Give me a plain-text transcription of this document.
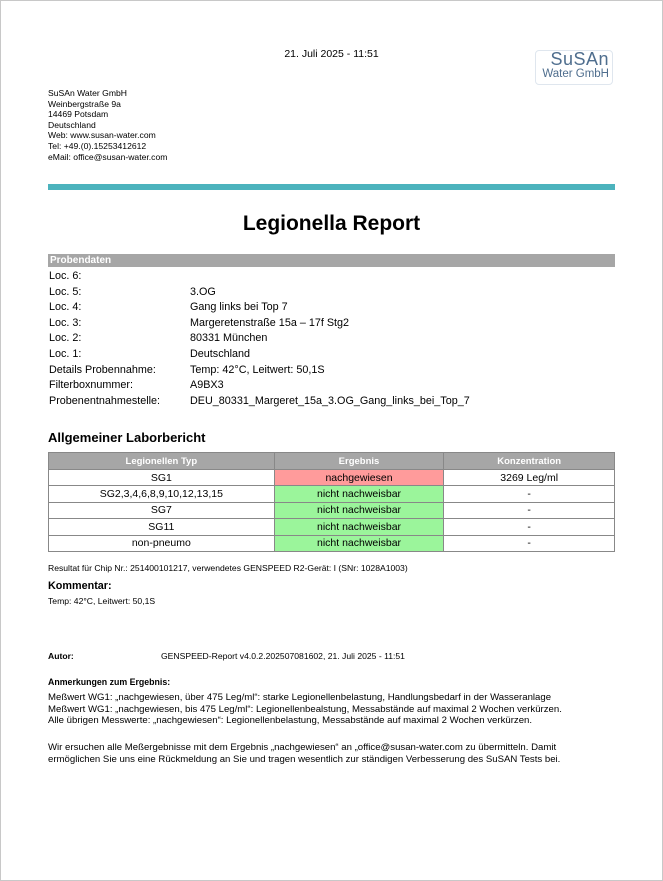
21. Juli 2025 - 11:51	SuSAn
Water GmbH
SuSAn Water GmbH
Weinbergstraße 9a
14469 Potsdam
Deutschland
Web: www.susan-water.com
Tel: +49.(0).15253412612
eMail: office@susan-water.com
Legionella Report
Probendaten
Loc. 6:	
Loc. 5:	3.OG
Loc. 4:	Gang links bei Top 7
Loc. 3:	Margeretenstraße 15a – 17f Stg2
Loc. 2:	80331 München
Loc. 1:	Deutschland
Details Probennahme:	Temp: 42°C, Leitwert: 50,1S
Filterboxnummer:	A9BX3
Probenentnahmestelle:	DEU_80331_Margeret_15a_3.OG_Gang_links_bei_Top_7
Allgemeiner Laborbericht
Legionellen Typ	Ergebnis	Konzentration
SG1	nachgewiesen	3269 Leg/ml
SG2,3,4,6,8,9,10,12,13,15	nicht nachweisbar	-
SG7	nicht nachweisbar	-
SG11	nicht nachweisbar	-
non-pneumo	nicht nachweisbar	-
Resultat für Chip Nr.: 251400101217, verwendetes GENSPEED R2-Gerät: I (SNr: 1028A1003)
Kommentar:
Temp: 42°C, Leitwert: 50,1S
Autor:	GENSPEED-Report v4.0.2.202507081602, 21. Juli 2025 - 11:51
Anmerkungen zum Ergebnis:
Meßwert WG1: „nachgewiesen, über 475 Leg/ml“: starke Legionellenbelastung, Handlungsbedarf in der Wasseranlage
Meßwert WG1: „nachgewiesen, bis 475 Leg/ml“: Legionellenbealstung, Messabstände auf maximal 2 Wochen verkürzen.
Alle übrigen Messwerte: „nachgewiesen“: Legionellenbelastung, Messabstände auf maximal 2 Wochen verkürzen.
Wir ersuchen alle Meßergebnisse mit dem Ergebnis „nachgewiesen“ an „office@susan-water.com zu übermitteln. Damit
ermöglichen Sie uns eine Rückmeldung an Sie und tragen wesentlich zur ständigen Verbesserung des SuSAN Tests bei.
